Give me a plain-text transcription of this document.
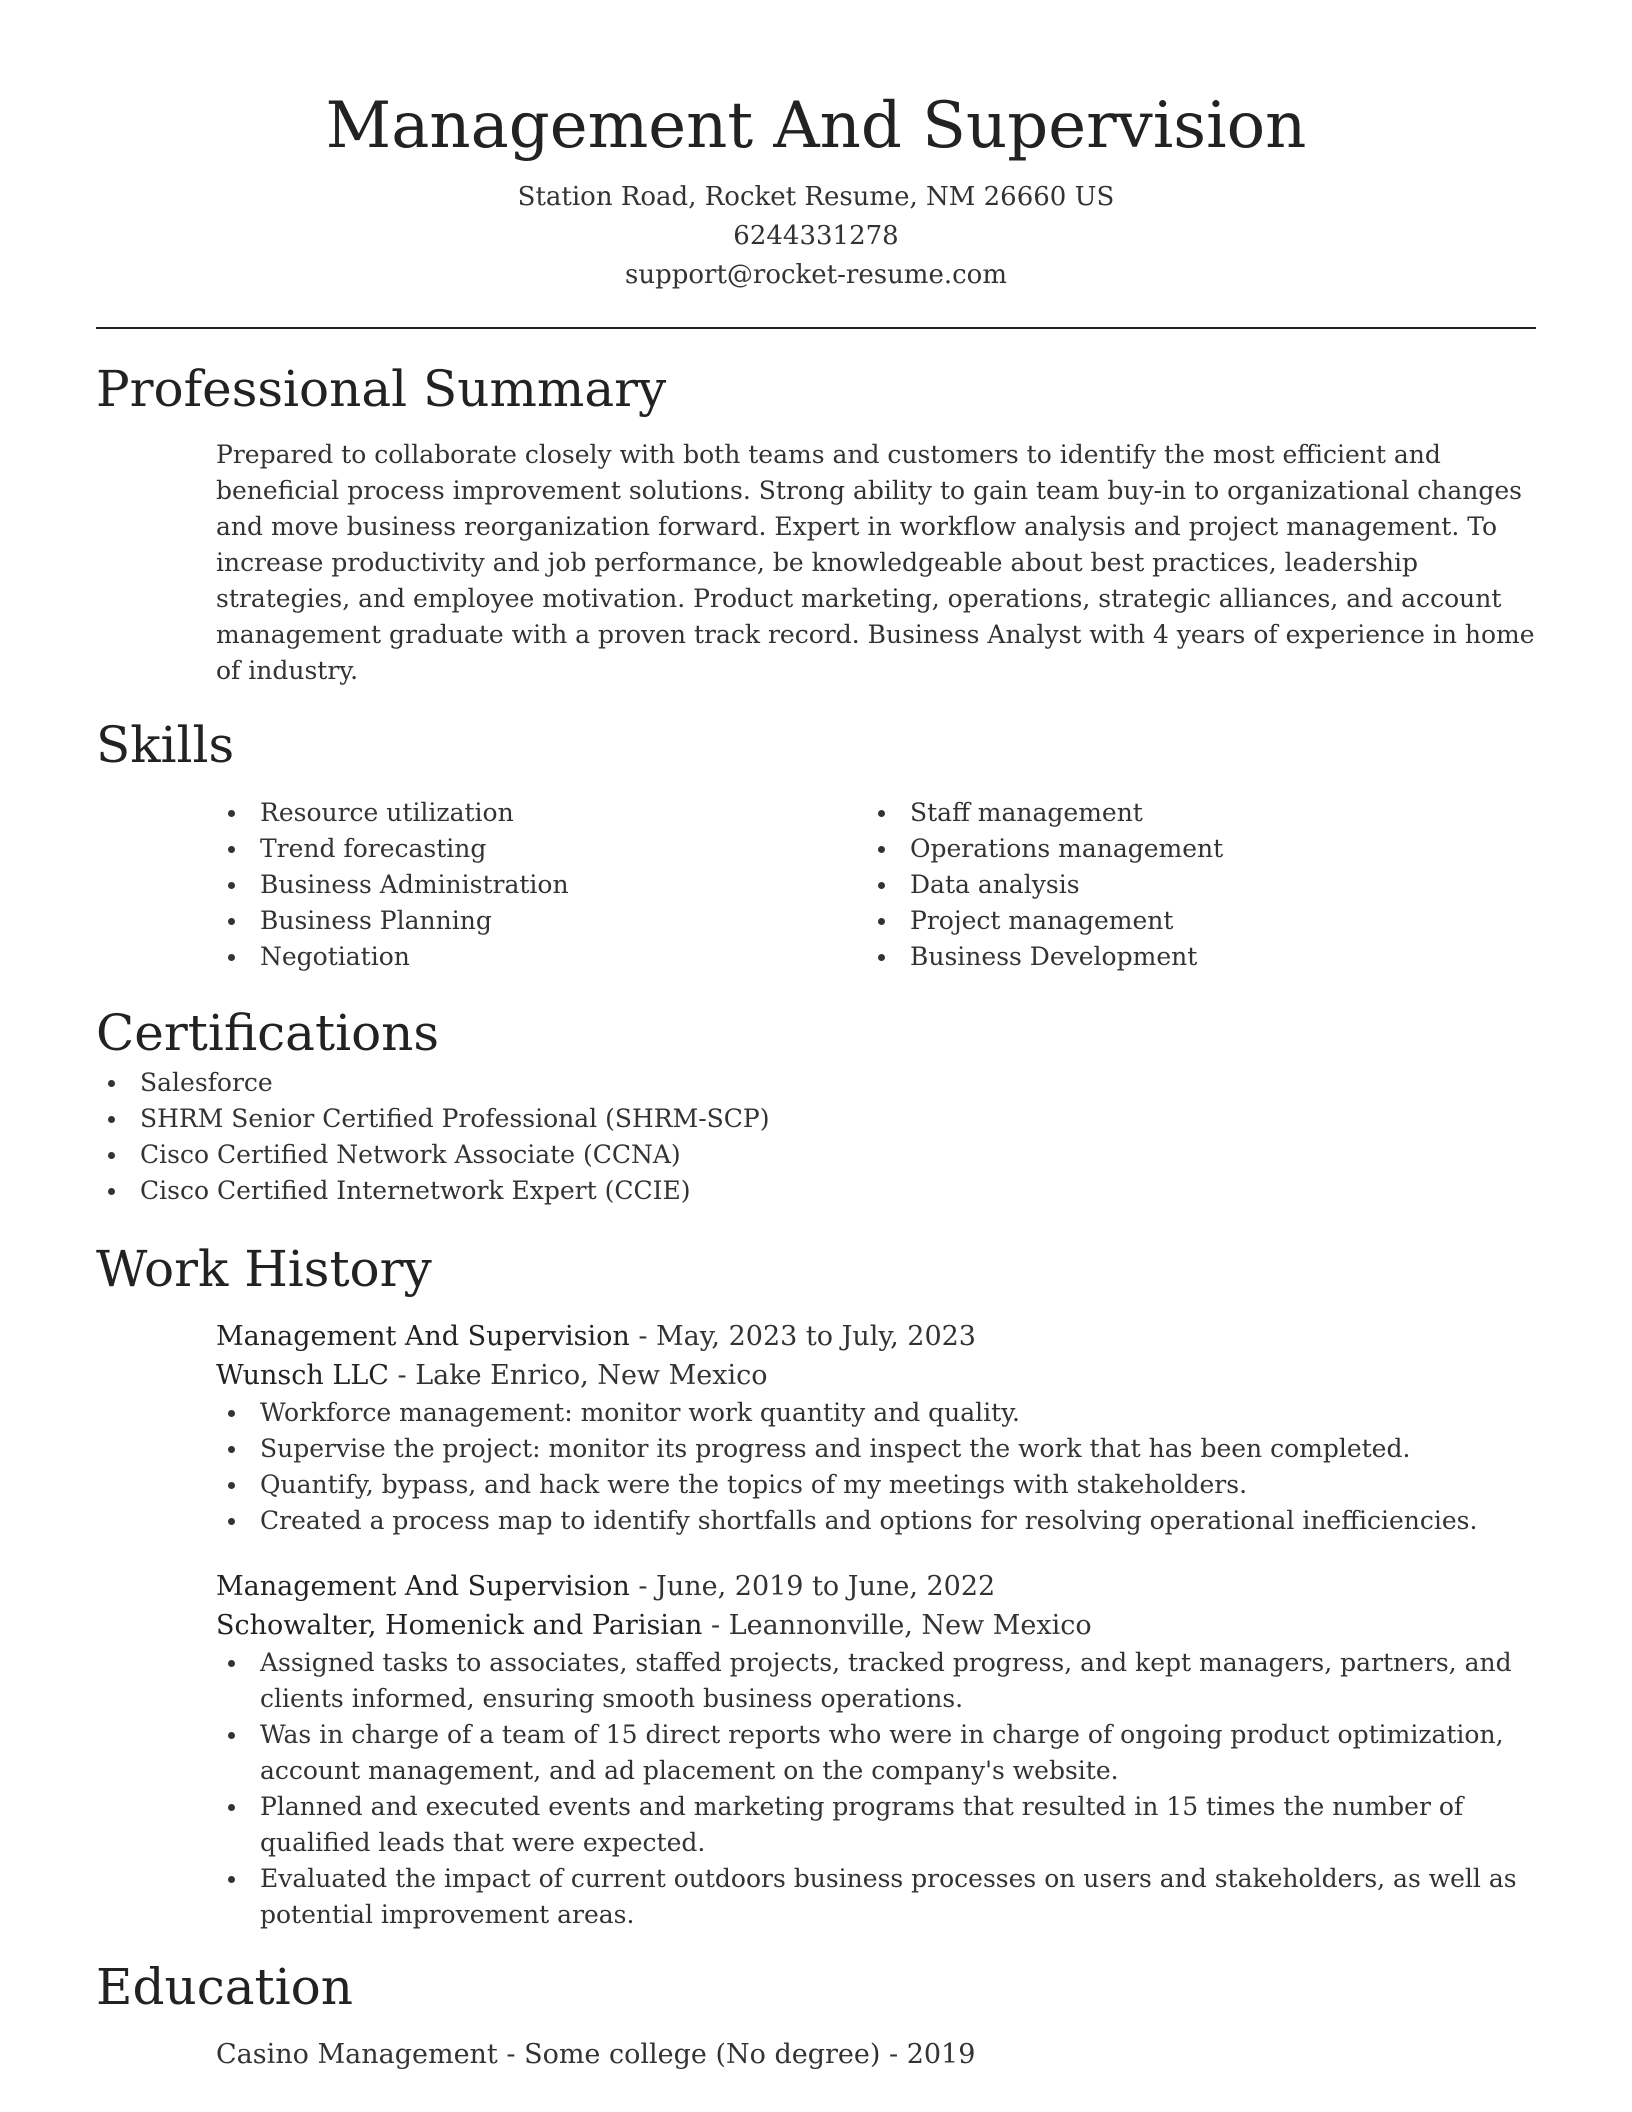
Management And Supervision
Station Road, Rocket Resume, NM 26660 US
6244331278
support@rocket-resume.com
Professional Summary
Prepared to collaborate closely with both teams and customers to identify the most efficient and beneficial process improvement solutions. Strong ability to gain team buy-in to organizational changes and move business reorganization forward. Expert in workflow analysis and project management. To increase productivity and job performance, be knowledgeable about best practices, leadership strategies, and employee motivation. Product marketing, operations, strategic alliances, and account management graduate with a proven track record. Business Analyst with 4 years of experience in home of industry.
Skills
Resource utilization
Trend forecasting
Business Administration
Business Planning
Negotiation
Staff management
Operations management
Data analysis
Project management
Business Development
Certifications
Salesforce
SHRM Senior Certified Professional (SHRM-SCP)
Cisco Certified Network Associate (CCNA)
Cisco Certified Internetwork Expert (CCIE)
Work History
Management And Supervision - May, 2023 to July, 2023
Wunsch LLC - Lake Enrico, New Mexico
Workforce management: monitor work quantity and quality.
Supervise the project: monitor its progress and inspect the work that has been completed.
Quantify, bypass, and hack were the topics of my meetings with stakeholders.
Created a process map to identify shortfalls and options for resolving operational inefficiencies.
Management And Supervision - June, 2019 to June, 2022
Schowalter, Homenick and Parisian - Leannonville, New Mexico
Assigned tasks to associates, staffed projects, tracked progress, and kept managers, partners, and clients informed, ensuring smooth business operations.
Was in charge of a team of 15 direct reports who were in charge of ongoing product optimization, account management, and ad placement on the company's website.
Planned and executed events and marketing programs that resulted in 15 times the number of qualified leads that were expected.
Evaluated the impact of current outdoors business processes on users and stakeholders, as well as potential improvement areas.
Education
Casino Management - Some college (No degree) - 2019
